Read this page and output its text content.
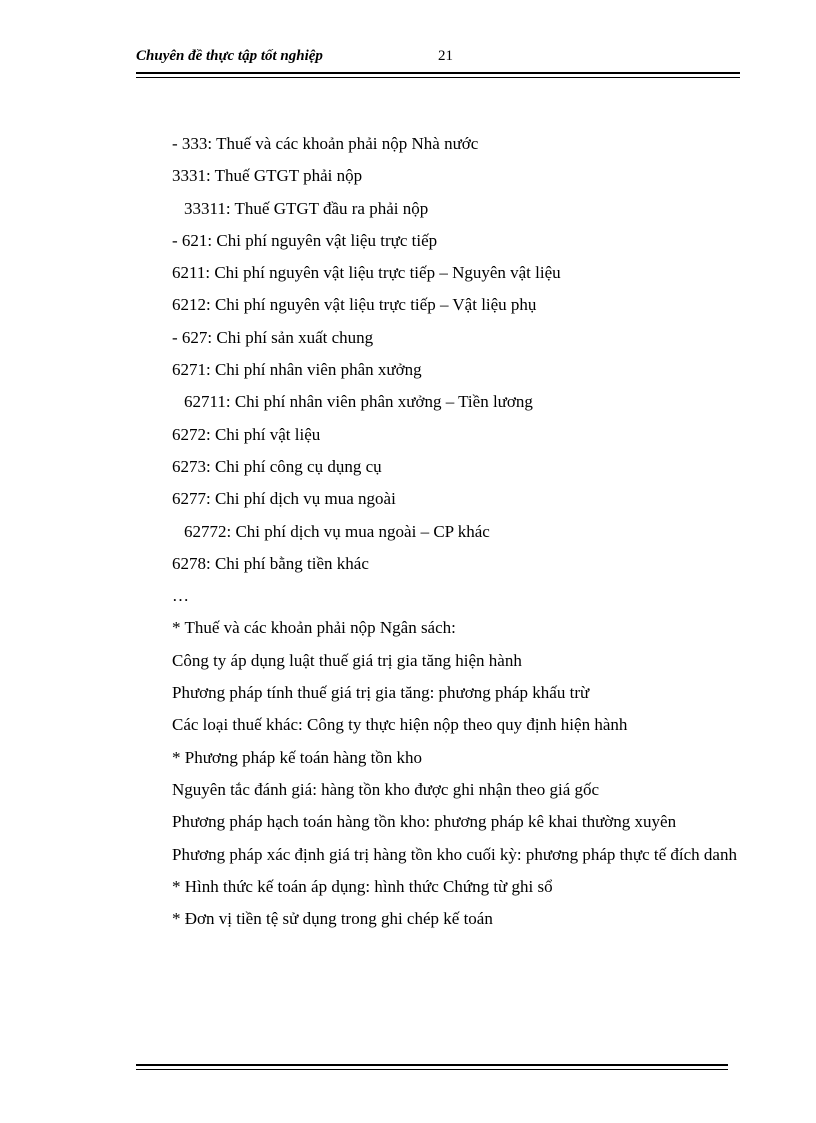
Chuyên đề thực tập tốt nghiệp	21
- 333: Thuế và các khoản phải nộp Nhà nước
3331: Thuế GTGT phải nộp
33311: Thuế GTGT đầu ra phải nộp
- 621: Chi phí nguyên vật liệu trực tiếp
6211: Chi phí nguyên vật liệu trực tiếp – Nguyên vật liệu
6212: Chi phí nguyên vật liệu trực tiếp – Vật liệu phụ
- 627: Chi phí sản xuất chung
6271: Chi phí nhân viên phân xưởng
62711: Chi phí nhân viên phân xưởng – Tiền lương
6272: Chi phí vật liệu
6273: Chi phí công cụ dụng cụ
6277: Chi phí dịch vụ mua ngoài
62772: Chi phí dịch vụ mua ngoài – CP khác
6278: Chi phí bằng tiền khác
…
* Thuế và các khoản phải nộp Ngân sách:
Công ty áp dụng luật thuế giá trị gia tăng hiện hành
Phương pháp tính thuế giá trị gia tăng: phương pháp khấu trừ
Các loại thuế khác: Công ty thực hiện nộp theo quy định hiện hành
* Phương pháp kế toán hàng tồn kho
Nguyên tắc đánh giá: hàng tồn kho được ghi nhận theo giá gốc
Phương pháp hạch toán hàng tồn kho: phương pháp kê khai thường xuyên
Phương pháp xác định giá trị hàng tồn kho cuối kỳ: phương pháp thực tế đích danh
* Hình thức kế toán áp dụng: hình thức Chứng từ ghi sổ
* Đơn vị tiền tệ sử dụng trong ghi chép kế toán
